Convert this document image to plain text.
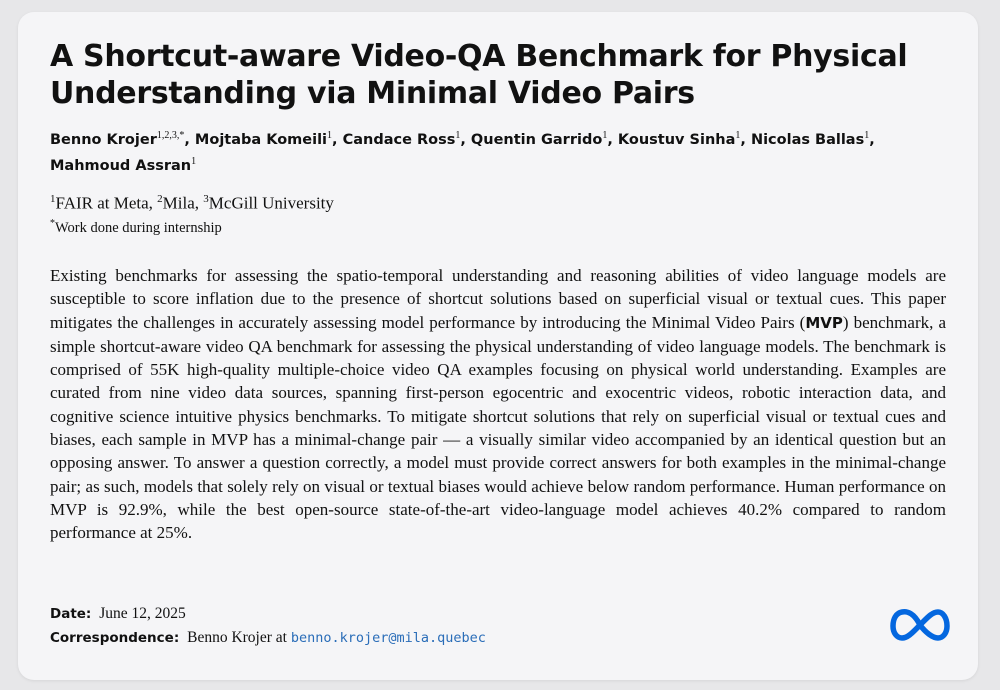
A Shortcut-aware Video-QA Benchmark for Physical Understanding via Minimal Video Pairs
Benno Krojer$^{1,2,3,*}$, Mojtaba Komeili$^1$, Candace Ross$^1$, Quentin Garrido$^1$, Koustuv Sinha$^1$, Nicolas Ballas$^1$,
Mahmoud Assran$^1$
$^1$FAIR at Meta, $^2$Mila, $^3$McGill University
*Work done during internship

Existing benchmarks for assessing the spatio-temporal understanding and reasoning abilities of video language models are susceptible to score inflation due to the presence of shortcut solutions based on superficial visual or textual cues. This paper mitigates the challenges in accurately assessing model performance by introducing the Minimal Video Pairs (MVP) benchmark, a simple shortcut-aware video QA benchmark for assessing the physical understanding of video language models. The benchmark is comprised of 55K high-quality multiple-choice video QA examples focusing on physical world understanding. Examples are curated from nine video data sources, spanning first-person egocentric and exocentric videos, robotic interaction data, and cognitive science intuitive physics benchmarks. To mitigate shortcut solutions that rely on superficial visual or textual cues and biases, each sample in MVP has a minimal-change pair — a visually similar video accompanied by an identical question but an opposing answer. To answer a question correctly, a model must provide correct answers for both examples in the minimal-change pair; as such, models that solely rely on visual or textual biases would achieve below random performance. Human performance on MVP is 92.9%, while the best open-source state-of-the-art video-language model achieves 40.2% compared to random performance at 25%.

Date: June 12, 2025
Correspondence: Benno Krojer at benno.krojer@mila.quebec
